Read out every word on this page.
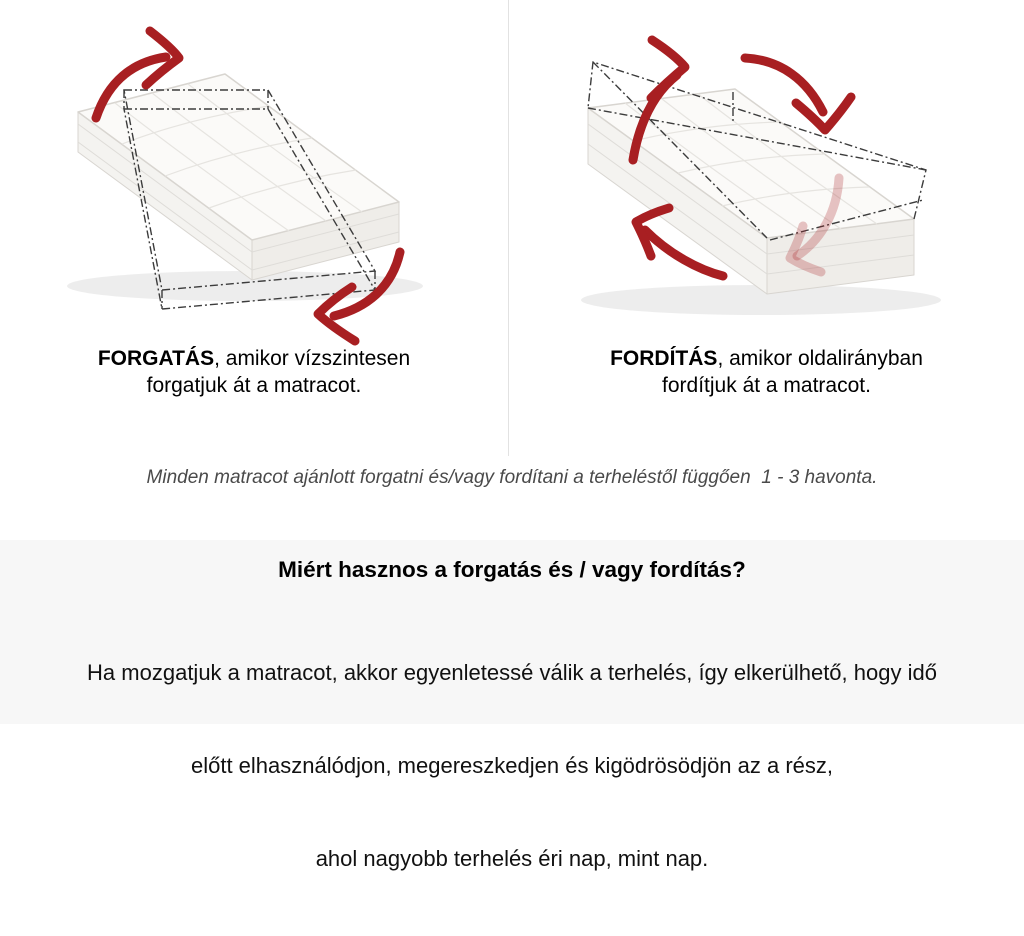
FORGATÁS, amikor vízszintesen
forgatjuk át a matracot.
FORDÍTÁS, amikor oldalirányban
fordítjuk át a matracot.
Minden matracot ajánlott forgatni és/vagy fordítani a terheléstől függően  1 - 3 havonta.
Miért hasznos a forgatás és / vagy fordítás?

Ha mozgatjuk a matracot, akkor egyenletessé válik a terhelés, így elkerülhető, hogy idő

előtt elhasználódjon, megereszkedjen és kigödrösödjön az a rész,

ahol nagyobb terhelés éri nap, mint nap.
